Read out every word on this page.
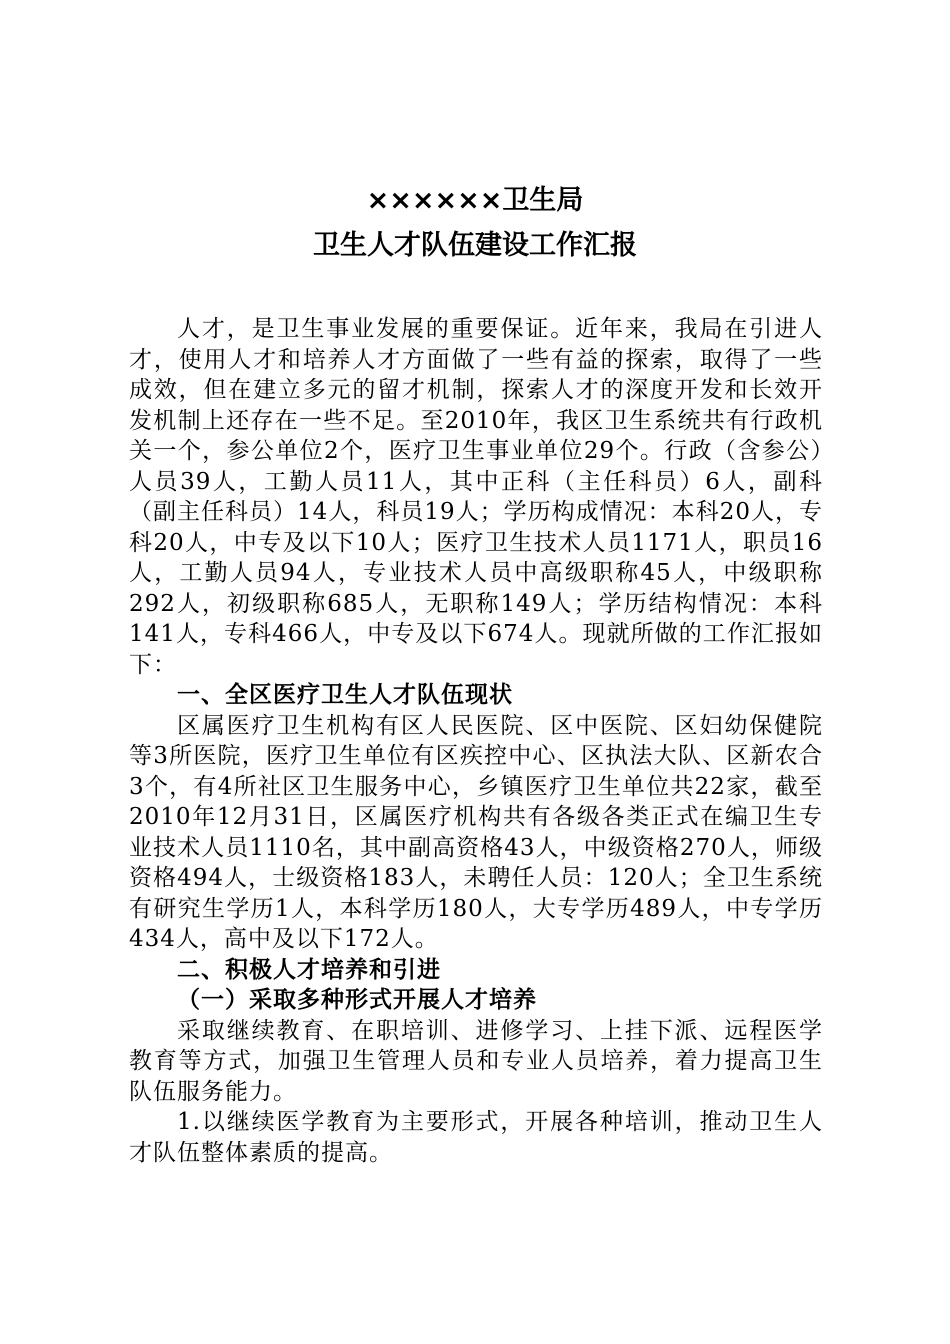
××××××卫生局
卫生人才队伍建设工作汇报

人才，是卫生事业发展的重要保证。近年来，我局在引进人才，使用人才和培养人才方面做了一些有益的探索，取得了一些成效，但在建立多元的留才机制，探索人才的深度开发和长效开发机制上还存在一些不足。至2010年，我区卫生系统共有行政机关一个，参公单位2个，医疗卫生事业单位29个。行政（含参公）人员39人，工勤人员11人，其中正科（主任科员）6人，副科（副主任科员）14人，科员19人；学历构成情况：本科20人，专科20人，中专及以下10人；医疗卫生技术人员1171人，职员16人，工勤人员94人，专业技术人员中高级职称45人，中级职称292人，初级职称685人，无职称149人；学历结构情况：本科141人，专科466人，中专及以下674人。现就所做的工作汇报如下：

一、全区医疗卫生人才队伍现状

区属医疗卫生机构有区人民医院、区中医院、区妇幼保健院等3所医院，医疗卫生单位有区疾控中心、区执法大队、区新农合3个，有4所社区卫生服务中心，乡镇医疗卫生单位共22家，截至2010年12月31日，区属医疗机构共有各级各类正式在编卫生专业技术人员1110名，其中副高资格43人，中级资格270人，师级资格494人，士级资格183人，未聘任人员：120人；全卫生系统有研究生学历1人，本科学历180人，大专学历489人，中专学历434人，高中及以下172人。

二、积极人才培养和引进
（一）采取多种形式开展人才培养

采取继续教育、在职培训、进修学习、上挂下派、远程医学教育等方式，加强卫生管理人员和专业人员培养，着力提高卫生队伍服务能力。

1.以继续医学教育为主要形式，开展各种培训，推动卫生人才队伍整体素质的提高。
